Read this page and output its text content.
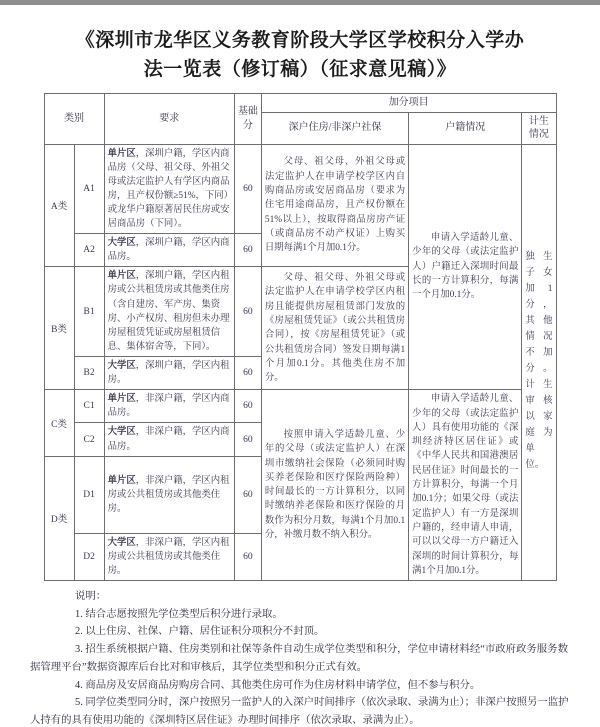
《深圳市龙华区义务教育阶段大学区学校积分入学办
法一览表（修订稿）（征求意见稿）》
类别		要求	基础分	加分项目		
				深户住房/非深户社保	户籍情况	计生情况
A类	A1	单片区，深圳户籍，学区内商品房（父母、祖父母、外祖父母或法定监护人有学区内商品房，且产权份额≥51%，下同）或龙华户籍原著居民住房或安居商品房（下同）。	60	父母、祖父母、外祖父母或法定监护人在申请学校学区内自购商品房或安居商品房（要求为住宅用途商品房，且产权份额在51%以上），按取得商品房房产证（或商品房不动产权证）上购买日期每满1个月加0.1分。	申请入学适龄儿童、少年的父母（或法定监护人）户籍迁入深圳时间最长的一方计算积分，每满一个月加0.1分。	独生子女加1分，其他情况不加分。计生审核以家庭为单位。
	A2	大学区，深圳户籍，学区内商品房。	60			
B类	B1	单片区，深圳户籍，学区内租房或公共租赁房或其他类住房（含自建房、军产房、集资房、小产权房、租房但未办理房屋租赁凭证或房屋租赁信息、集体宿舍等，下同）。	60	父母、祖父母、外祖父母或法定监护人在申请学校学区内租房且能提供房屋租赁部门发放的《房屋租赁凭证》（或公共租赁房合同），按《房屋租赁凭证》（或公共租赁房合同）签发日期每满1个月加0.1分。其他类住房不加分。		

	B2	大学区，深圳户籍，学区内租房。	60			
C类	C1	单片区，非深户籍，学区内商品房。	60	按照申请入学适龄儿童、少年的父母（或法定监护人）在深圳市缴纳社会保险（必须同时购买养老保险和医疗保险两险种）时间最长的一方计算积分，以同时缴纳养老保险和医疗保险的月数作为积分月数，每满1个月加0.1分，补缴月数不纳入积分。	申请入学适龄儿童、少年的父母（或法定监护人）具有使用功能的《深圳经济特区居住证》或《中华人民共和国港澳居民居住证》时间最长的一方计算积分，每满一个月加0.1分；如果父母（或法定监护人）有一方是深圳户籍的，经申请人申请，可以以父母一方户籍迁入深圳的时间计算积分，每满1个月加0.1分。	

	C2	大学区，非深户籍，学区内商品房。	60			
D类	D1	单片区，非深户籍，学区内租房或公共租赁房或其他类住房。	60			
	D2	大学区，非深户籍，学区内租房或公共租赁房或其他类住房。	60			

说明：

1. 结合志愿按照先学位类型后积分进行录取。

2. 以上住房、社保、户籍、居住证积分项积分不封顶。

3. 招生系统根据户籍、住房类别和社保等条件自动生成学位类型和积分，学位申请材料经“市政府政务服务数据管理平台”数据资源库后台比对和审核后，其学位类型和积分正式有效。

4. 商品房及安居商品房购房合同、其他类住房可作为住房材料申请学位，但不参与积分。

5. 同学位类型同分时，深户按照另一监护人的入深户时间排序（依次录取、录满为止）；非深户按照另一监护人持有的具有使用功能的《深圳特区居住证》办理时间排序（依次录取、录满为止）。
